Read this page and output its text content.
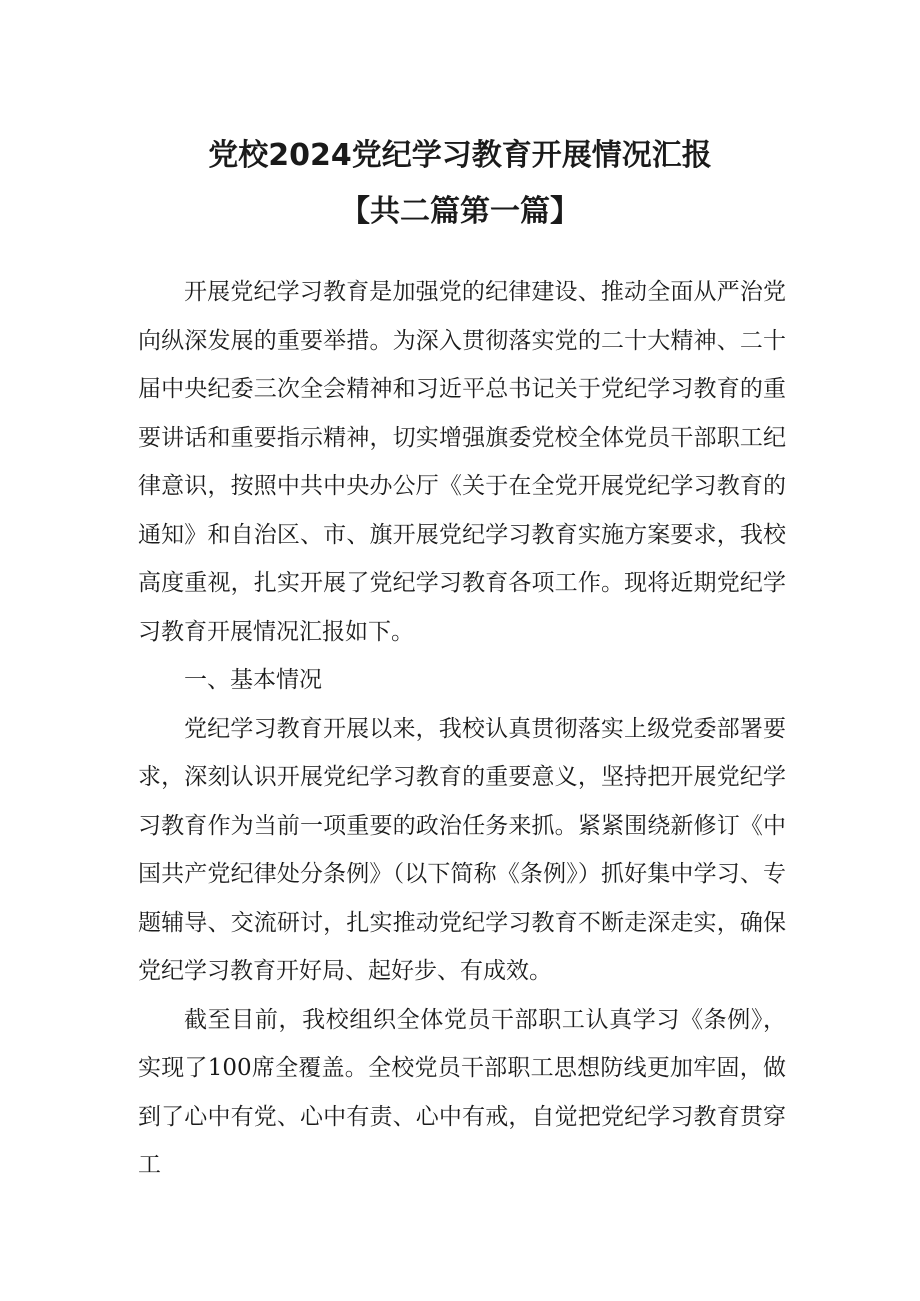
党校2024党纪学习教育开展情况汇报
【共二篇第一篇】

开展党纪学习教育是加强党的纪律建设、推动全面从严治党向纵深发展的重要举措。为深入贯彻落实党的二十大精神、二十届中央纪委三次全会精神和习近平总书记关于党纪学习教育的重要讲话和重要指示精神，切实增强旗委党校全体党员干部职工纪律意识，按照中共中央办公厅《关于在全党开展党纪学习教育的通知》和自治区、市、旗开展党纪学习教育实施方案要求，我校高度重视，扎实开展了党纪学习教育各项工作。现将近期党纪学习教育开展情况汇报如下。

一、基本情况

党纪学习教育开展以来，我校认真贯彻落实上级党委部署要求，深刻认识开展党纪学习教育的重要意义，坚持把开展党纪学习教育作为当前一项重要的政治任务来抓。紧紧围绕新修订《中国共产党纪律处分条例》（以下简称《条例》）抓好集中学习、专题辅导、交流研讨，扎实推动党纪学习教育不断走深走实，确保党纪学习教育开好局、起好步、有成效。

截至目前，我校组织全体党员干部职工认真学习《条例》，实现了100席全覆盖。全校党员干部职工思想防线更加牢固，做到了心中有党、心中有责、心中有戒，自觉把党纪学习教育贯穿工
